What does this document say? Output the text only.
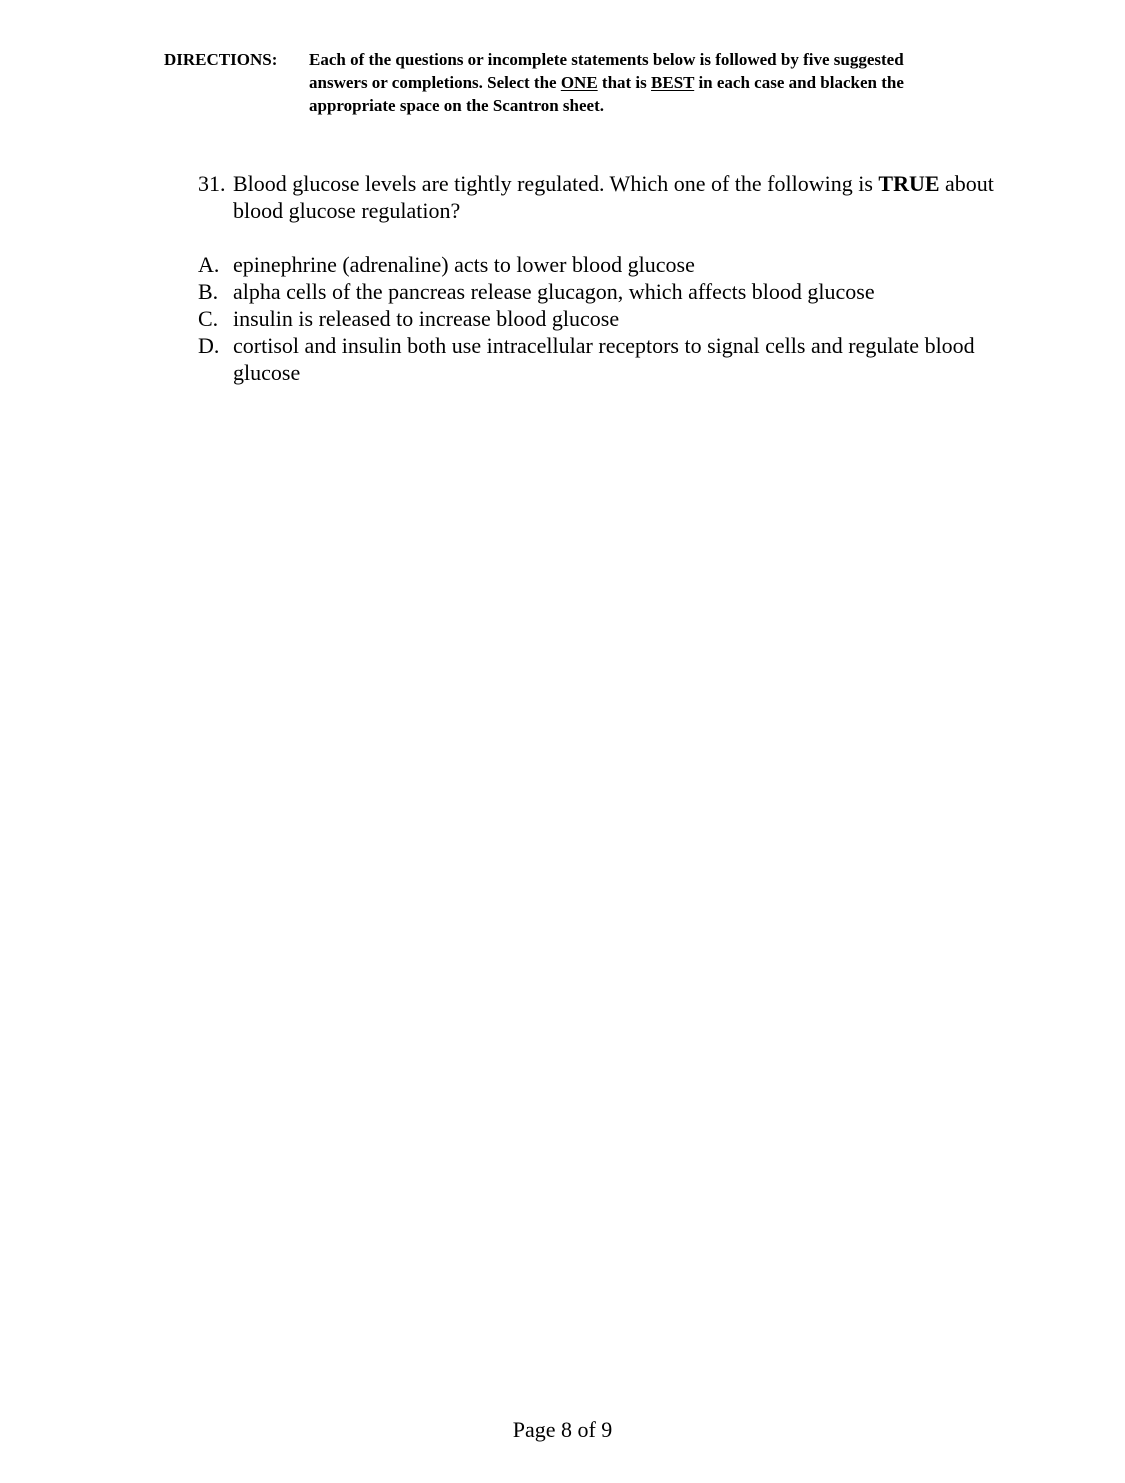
DIRECTIONS: Each of the questions or incomplete statements below is followed by five suggested answers or completions. Select the ONE that is BEST in each case and blacken the appropriate space on the Scantron sheet.
31. Blood glucose levels are tightly regulated. Which one of the following is TRUE about blood glucose regulation?
A. epinephrine (adrenaline) acts to lower blood glucose
B. alpha cells of the pancreas release glucagon, which affects blood glucose
C. insulin is released to increase blood glucose
D. cortisol and insulin both use intracellular receptors to signal cells and regulate blood glucose
Page 8 of 9
